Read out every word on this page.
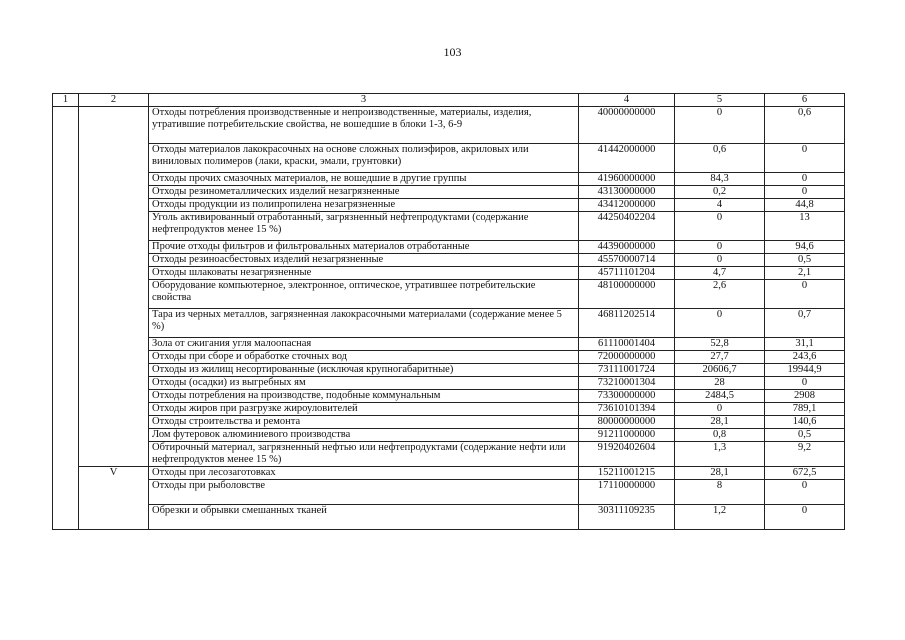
103
1	2	3	4	5	6
		Отходы потребления производственные и непроизводственные, материалы, изделия, утратившие потребительские свойства, не вошедшие в блоки 1-3, 6-9	40000000000	0	0,6
		Отходы материалов лакокрасочных на основе сложных полиэфиров, акриловых или виниловых полимеров (лаки, краски, эмали, грунтовки)	41442000000	0,6	0
		Отходы прочих смазочных материалов, не вошедшие в другие группы	41960000000	84,3	0
		Отходы резинометаллических изделий незагрязненные	43130000000	0,2	0
		Отходы продукции из полипропилена незагрязненные	43412000000	4	44,8
		Уголь активированный отработанный, загрязненный нефтепродуктами (содержание нефтепродуктов менее 15 %)	44250402204	0	13
		Прочие отходы фильтров и фильтровальных материалов отработанные	44390000000	0	94,6
		Отходы резиноасбестовых изделий незагрязненные	45570000714	0	0,5
		Отходы шлаковаты незагрязненные	45711101204	4,7	2,1
		Оборудование компьютерное, электронное, оптическое, утратившее потребительские свойства	48100000000	2,6	0
		Тара из черных металлов, загрязненная лакокрасочными материалами (содержание менее 5 %)	46811202514	0	0,7
		Зола от сжигания угля малоопасная	61110001404	52,8	31,1
		Отходы при сборе и обработке сточных вод	72000000000	27,7	243,6
		Отходы из жилищ несортированные (исключая крупногабаритные)	73111001724	20606,7	19944,9
		Отходы (осадки) из выгребных ям	73210001304	28	0
		Отходы потребления на производстве, подобные коммунальным	73300000000	2484,5	2908
		Отходы жиров при разгрузке жироуловителей	73610101394	0	789,1
		Отходы строительства и ремонта	80000000000	28,1	140,6
		Лом футеровок алюминиевого производства	91211000000	0,8	0,5
		Обтирочный материал, загрязненный нефтью или нефтепродуктами (содержание нефти или нефтепродуктов менее 15 %)	91920402604	1,3	9,2
	V	Отходы при лесозаготовках	15211001215	28,1	672,5
		Отходы при рыболовстве	17110000000	8	0
		Обрезки и обрывки смешанных тканей	30311109235	1,2	0
